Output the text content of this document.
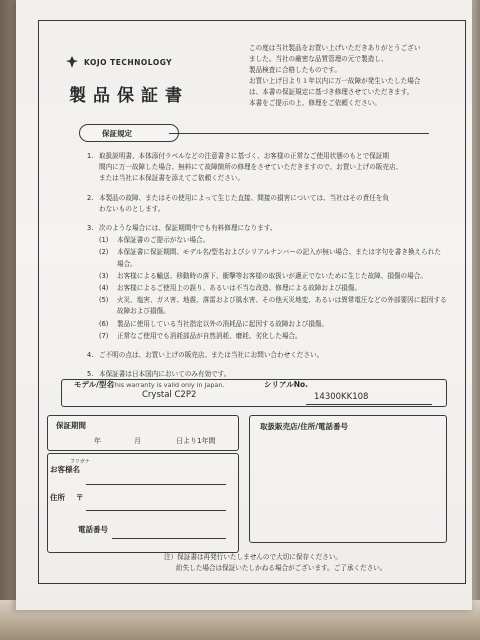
KOJO TECHNOLOGY
製品保証書
この度は当社製品をお買い上げいただきありがとうござい
ました。当社の厳密な品質管理の元で製造し、
製品検査に合格したものです。
お買い上げ日より１年以内に万一故障が発生いたした場合
は、本書の保証規定に基づき修理させていただきます。
本書をご提示の上、修理をご依頼ください。
保証規定
1. 取扱説明書、本体添付ラベルなどの注意書きに基づく、お客様の正常なご使用状態のもとで保証期
間内に万一故障した場合、無料にて故障箇所の修理をさせていただきますので、お買い上げの販売店、
または当社に本保証書を添えてご依頼ください。
2. 本製品の故障、またはその使用によって生じた直接、間接の損害については、当社はその責任を負
わないものとします。
3. 次のような場合には、保証期間中でも有料修理になります。
(1)	本保証書のご提示がない場合。
(2)	本保証書に保証期間、モデル名/型名およびシリアルナンバーの記入が無い場合、または字句を書き換えられた場合。
(3)	お客様による輸送、移動時の落下、衝撃等お客様の取扱いが適正でないために生じた故障、損傷の場合。
(4)	お客様によるご使用上の誤り、あるいは不当な改造、修理による故障および損傷。
(5)	火災、塩害、ガス害、地震、落雷および風水害、その他天災地変、あるいは異常電圧などの外部要因に起因する故障および損傷。
(6)	製品に使用している当社指定以外の消耗品に起因する故障および損傷。
(7)	正常なご使用でも消耗部品が自然消耗、磨耗、劣化した場合。
4. ご不明の点は、お買い上げの販売店、または当社にお問い合わせください。
5. 本保証書は日本国内においてのみ有効です。
This warranty is valid only in Japan.
モデル/型名
Crystal C2P2
シリアルNo.
14300KK108
保証期間
年	月	日より1年間
フリガナ
お客様名
住所 〒
電話番号
取扱販売店/住所/電話番号
注）保証書は再発行いたしませんので大切に保存ください。
紛失した場合は保証いたしかねる場合がございます。ご了承ください。
